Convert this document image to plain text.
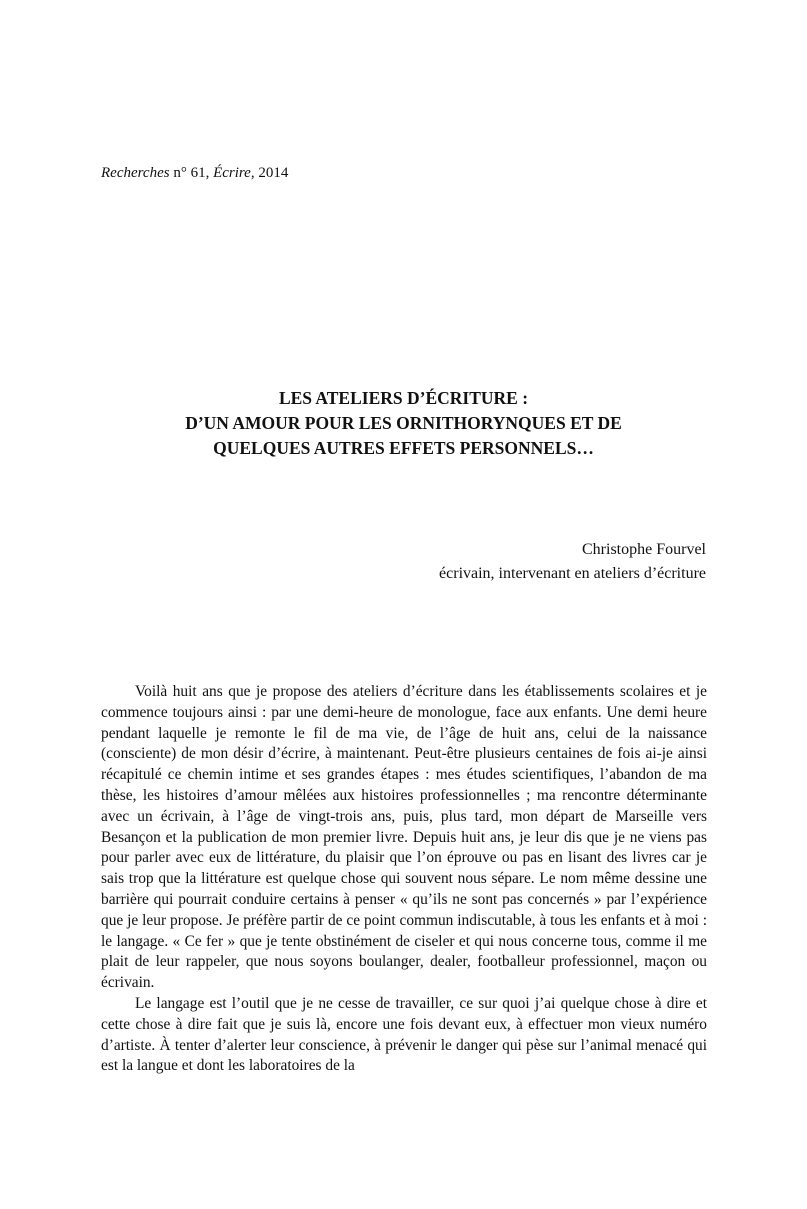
Recherches n° 61, Écrire, 2014
LES ATELIERS D’ÉCRITURE :
D’UN AMOUR POUR LES ORNITHORYNQUES ET DE
QUELQUES AUTRES EFFETS PERSONNELS…
Christophe Fourvel
écrivain, intervenant en ateliers d’écriture

Voilà huit ans que je propose des ateliers d’écriture dans les établissements scolaires et je commence toujours ainsi : par une demi-heure de monologue, face aux enfants. Une demi heure pendant laquelle je remonte le fil de ma vie, de l’âge de huit ans, celui de la naissance (consciente) de mon désir d’écrire, à maintenant. Peut-être plusieurs centaines de fois ai-je ainsi récapitulé ce chemin intime et ses grandes étapes : mes études scientifiques, l’abandon de ma thèse, les histoires d’amour mêlées aux histoires professionnelles ; ma rencontre déterminante avec un écrivain, à l’âge de vingt-trois ans, puis, plus tard, mon départ de Marseille vers Besançon et la publication de mon premier livre. Depuis huit ans, je leur dis que je ne viens pas pour parler avec eux de littérature, du plaisir que l’on éprouve ou pas en lisant des livres car je sais trop que la littérature est quelque chose qui souvent nous sépare. Le nom même dessine une barrière qui pourrait conduire certains à penser « qu’ils ne sont pas concernés » par l’expérience que je leur propose. Je préfère partir de ce point commun indiscutable, à tous les enfants et à moi : le langage. « Ce fer » que je tente obstinément de ciseler et qui nous concerne tous, comme il me plait de leur rappeler, que nous soyons boulanger, dealer, footballeur professionnel, maçon ou écrivain.

Le langage est l’outil que je ne cesse de travailler, ce sur quoi j’ai quelque chose à dire et cette chose à dire fait que je suis là, encore une fois devant eux, à effectuer mon vieux numéro d’artiste. À tenter d’alerter leur conscience, à prévenir le danger qui pèse sur l’animal menacé qui est la langue et dont les laboratoires de la
